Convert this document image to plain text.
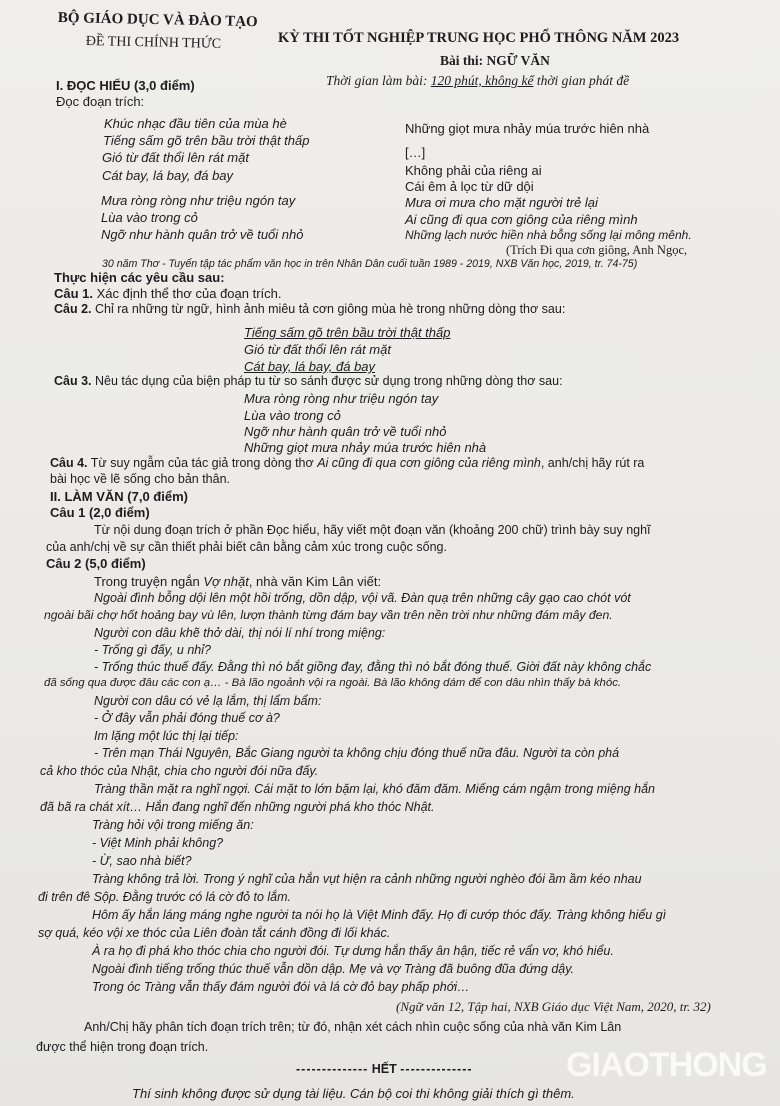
BỘ GIÁO DỤC VÀ ĐÀO TẠO
ĐỀ THI CHÍNH THỨC	KỲ THI TỐT NGHIỆP TRUNG HỌC PHỔ THÔNG NĂM 2023
Bài thi: NGỮ VĂN
Thời gian làm bài: 120 phút, không kể thời gian phát đề
I. ĐỌC HIỂU (3,0 điểm)
Đọc đoạn trích:
Khúc nhạc đầu tiên của mùa hè
Tiếng sấm gõ trên bầu trời thật thấp
Gió từ đất thổi lên rát mặt
Cát bay, lá bay, đá bay
Mưa ròng ròng như triệu ngón tay
Lùa vào trong cỏ
Ngỡ như hành quân trở về tuổi nhỏ
Những giọt mưa nhảy múa trước hiên nhà
[…]
Không phải của riêng ai
Cái êm ả lọc từ dữ dội
Mưa ơi mưa cho mặt người trẻ lại
Ai cũng đi qua cơn giông của riêng mình
Những lạch nước hiền nhà bỗng sống lại mông mênh.
(Trích Đi qua cơn giông, Anh Ngọc,
30 năm Thơ - Tuyển tập tác phẩm văn học in trên Nhân Dân cuối tuần 1989 - 2019, NXB Văn học, 2019, tr. 74-75)
Thực hiện các yêu cầu sau:
Câu 1. Xác định thể thơ của đoạn trích.
Câu 2. Chỉ ra những từ ngữ, hình ảnh miêu tả cơn giông mùa hè trong những dòng thơ sau:
Tiếng sấm gõ trên bầu trời thật thấp
Gió từ đất thổi lên rát mặt
Cát bay, lá bay, đá bay
Câu 3. Nêu tác dụng của biện pháp tu từ so sánh được sử dụng trong những dòng thơ sau:
Mưa ròng ròng như triệu ngón tay
Lùa vào trong cỏ
Ngỡ như hành quân trở về tuổi nhỏ
Những giọt mưa nhảy múa trước hiên nhà
Câu 4. Từ suy ngẫm của tác giả trong dòng thơ Ai cũng đi qua cơn giông của riêng mình, anh/chị hãy rút ra
bài học về lẽ sống cho bản thân.
II. LÀM VĂN (7,0 điểm)
Câu 1 (2,0 điểm)
Từ nội dung đoạn trích ở phần Đọc hiểu, hãy viết một đoạn văn (khoảng 200 chữ) trình bày suy nghĩ
của anh/chị về sự cần thiết phải biết cân bằng cảm xúc trong cuộc sống.
Câu 2 (5,0 điểm)
Trong truyện ngắn Vợ nhặt, nhà văn Kim Lân viết:
Ngoài đình bỗng dội lên một hồi trống, dồn dập, vội vã. Đàn quạ trên những cây gạo cao chót vót
ngoài bãi chợ hốt hoảng bay vù lên, lượn thành từng đám bay vần trên nền trời như những đám mây đen.
Người con dâu khẽ thở dài, thị nói lí nhí trong miệng:
- Trống gì đấy, u nhỉ?
- Trống thúc thuế đấy. Đằng thì nó bắt giồng đay, đằng thì nó bắt đóng thuế. Giời đất này không chắc
đã sống qua được đâu các con ạ… - Bà lão ngoảnh vội ra ngoài. Bà lão không dám để con dâu nhìn thấy bà khóc.
Người con dâu có vẻ lạ lắm, thị lẩm bẩm:
- Ở đây vẫn phải đóng thuế cơ à?
Im lặng một lúc thị lại tiếp:
- Trên mạn Thái Nguyên, Bắc Giang người ta không chịu đóng thuế nữa đâu. Người ta còn phá
cả kho thóc của Nhật, chia cho người đói nữa đấy.
Tràng thần mặt ra nghĩ ngợi. Cái mặt to lớn bặm lại, khó đăm đăm. Miếng cám ngậm trong miệng hắn
đã bã ra chát xít… Hắn đang nghĩ đến những người phá kho thóc Nhật.
Tràng hỏi vội trong miếng ăn:
- Việt Minh phải không?
- Ừ, sao nhà biết?
Tràng không trả lời. Trong ý nghĩ của hắn vụt hiện ra cảnh những người nghèo đói ầm ầm kéo nhau
đi trên đê Sộp. Đằng trước có lá cờ đỏ to lắm.
Hôm ấy hắn láng máng nghe người ta nói họ là Việt Minh đấy. Họ đi cướp thóc đấy. Tràng không hiểu gì
sợ quá, kéo vội xe thóc của Liên đoàn tắt cánh đồng đi lối khác.
À ra họ đi phá kho thóc chia cho người đói. Tự dưng hắn thấy ân hận, tiếc rẻ vẩn vơ, khó hiểu.
Ngoài đình tiếng trống thúc thuế vẫn dồn dập. Mẹ và vợ Tràng đã buông đũa đứng dậy.
Trong óc Tràng vẫn thấy đám người đói và lá cờ đỏ bay phấp phới…
(Ngữ văn 12, Tập hai, NXB Giáo dục Việt Nam, 2020, tr. 32)
Anh/Chị hãy phân tích đoạn trích trên; từ đó, nhận xét cách nhìn cuộc sống của nhà văn Kim Lân
được thể hiện trong đoạn trích.
-------------- HẾT --------------
Thí sinh không được sử dụng tài liệu. Cán bộ coi thi không giải thích gì thêm.
GIAOTHONG
